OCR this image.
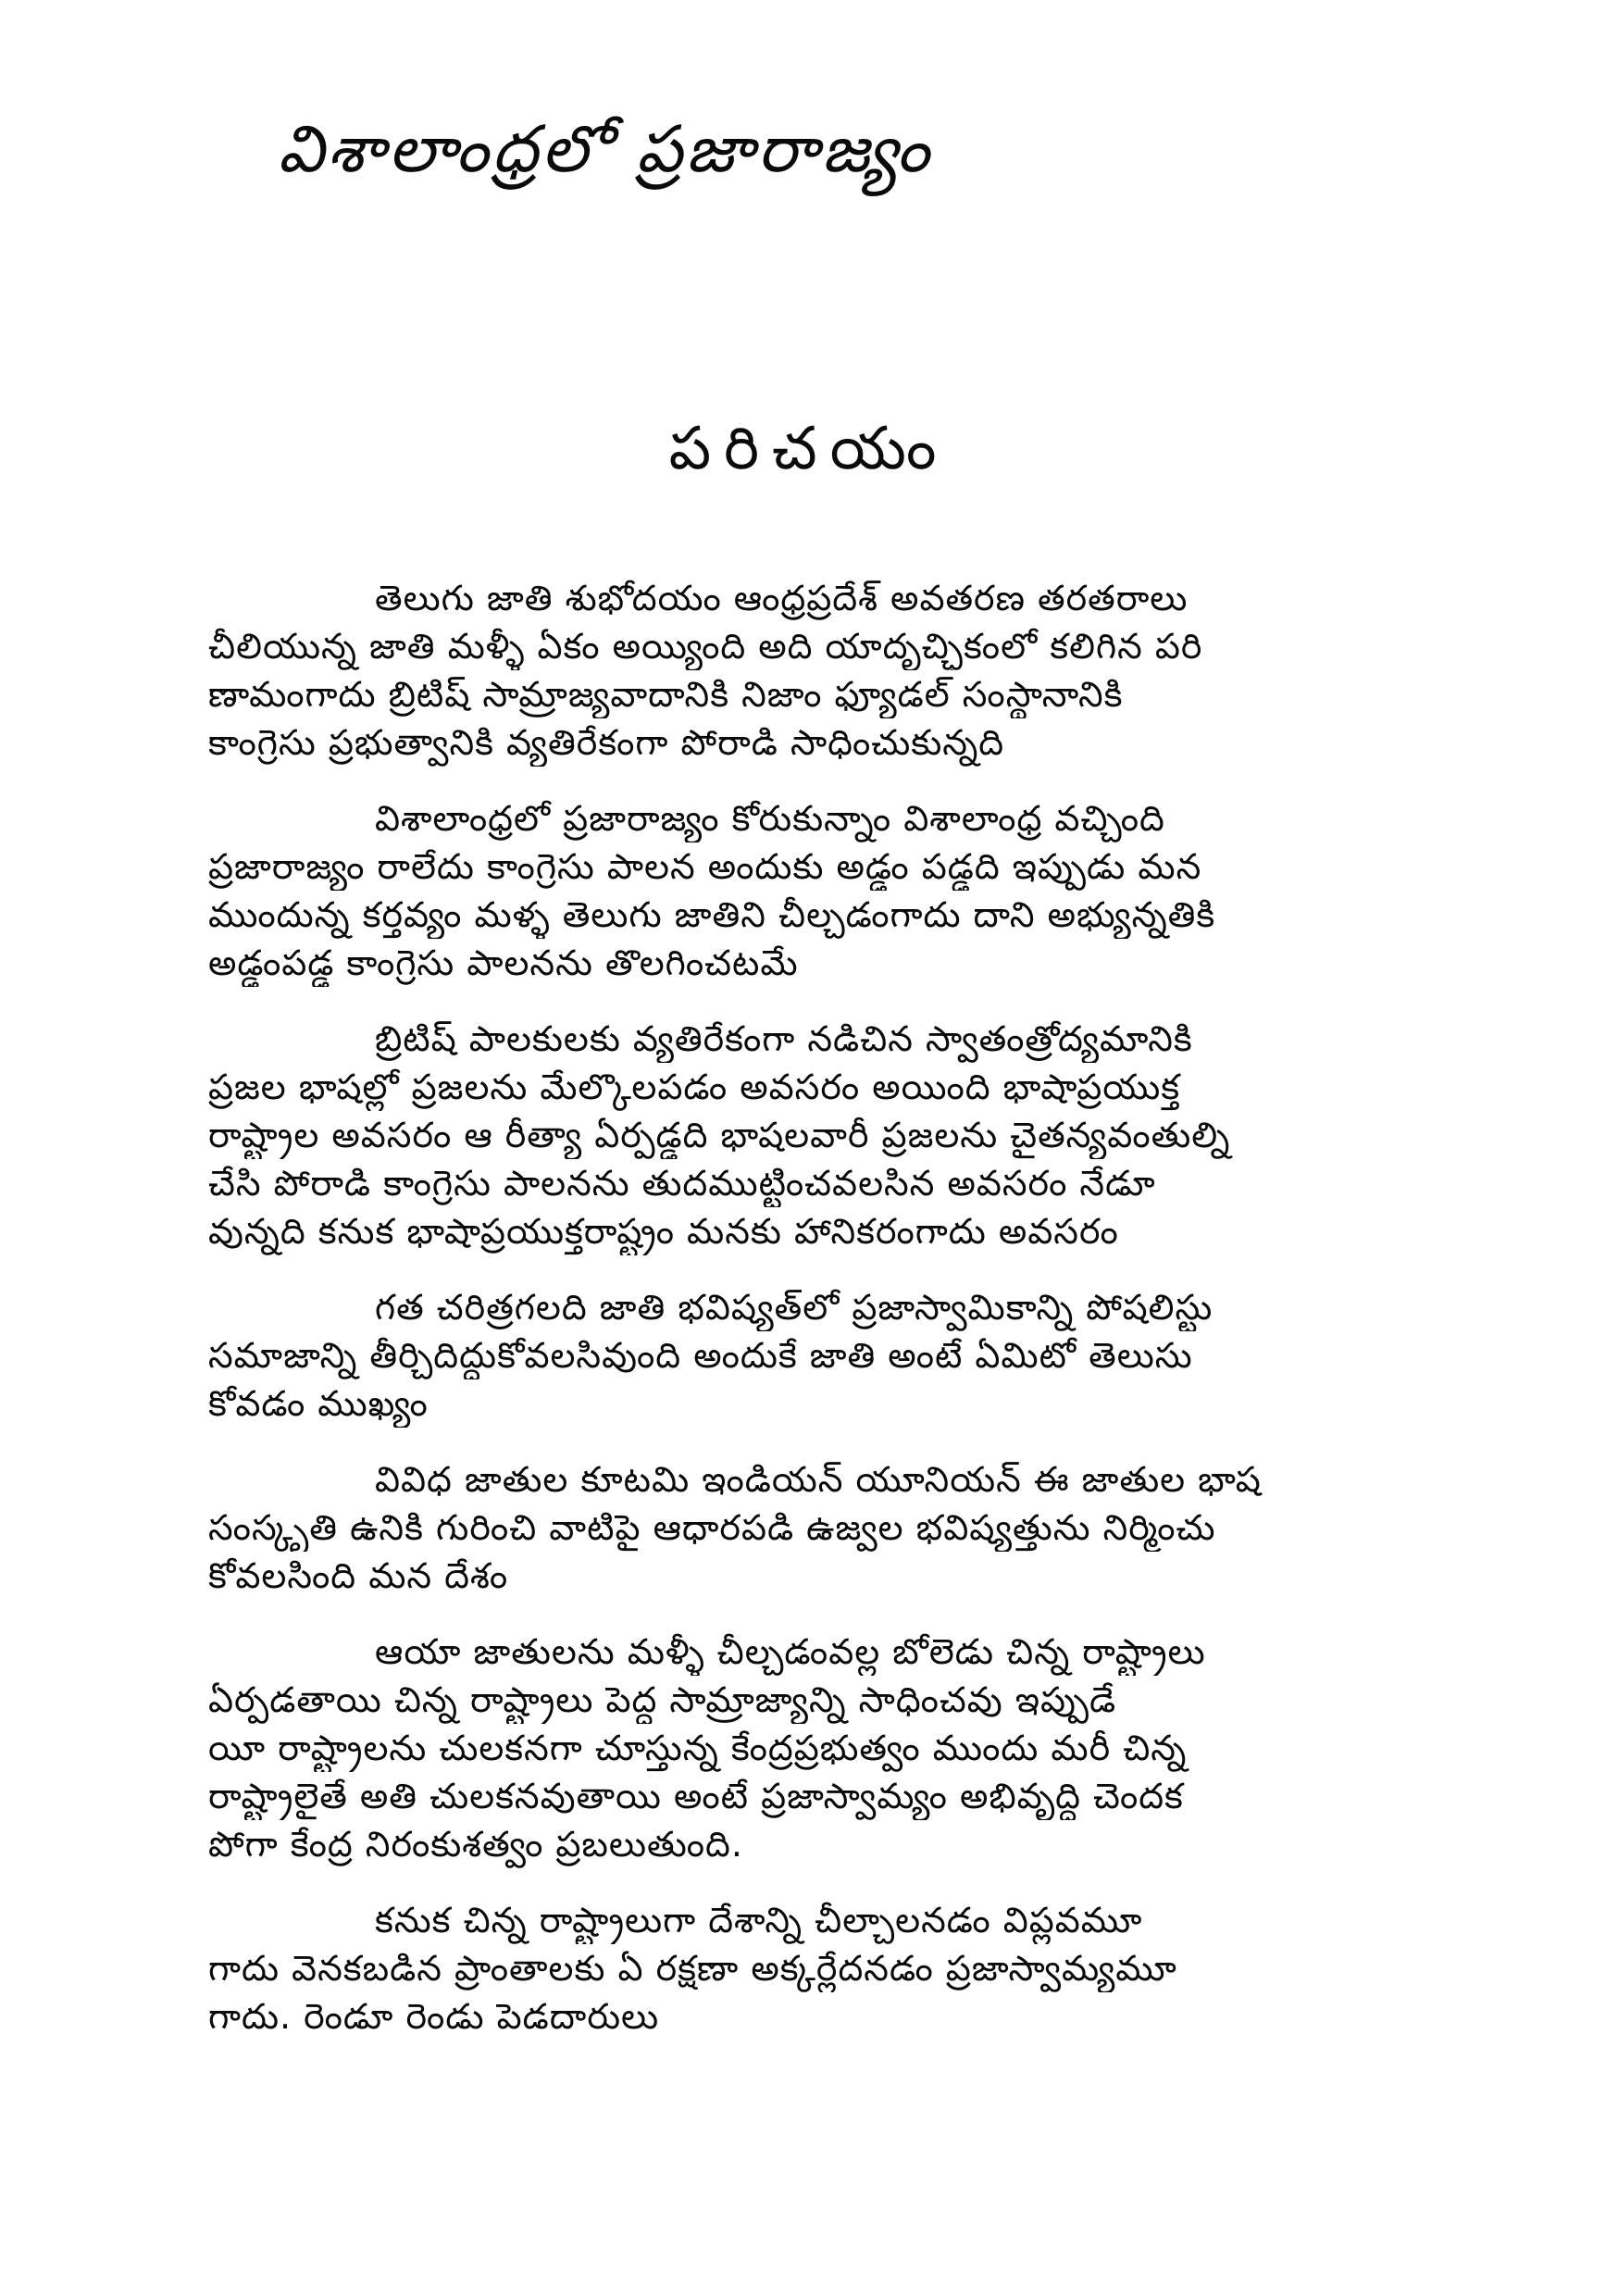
విశాలాంధ్రలో ప్రజారాజ్యం
పరిచయం
తెలుగు జాతి శుభోదయం ఆంధ్రప్రదేశ్ అవతరణ తరతరాలు
చీలియున్న జాతి మళ్ళీ ఏకం అయ్యింది అది యాదృచ్ఛికంలో కలిగిన పరి
ణామంగాదు బ్రిటిష్ సామ్రాజ్యవాదానికి నిజాం ఫ్యూడల్ సంస్థానానికి
కాంగ్రెసు ప్రభుత్వానికి వ్యతిరేకంగా పోరాడి సాధించుకున్నది
విశాలాంధ్రలో ప్రజారాజ్యం కోరుకున్నాం విశాలాంధ్ర వచ్చింది
ప్రజారాజ్యం రాలేదు కాంగ్రెసు పాలన అందుకు అడ్డం పడ్డది ఇప్పుడు మన
ముందున్న కర్తవ్యం మళ్ళ తెలుగు జాతిని చీల్చడంగాదు దాని అభ్యున్నతికి
అడ్డంపడ్డ కాంగ్రెసు పాలనను తొలగించటమే
బ్రిటిష్ పాలకులకు వ్యతిరేకంగా నడిచిన స్వాతంత్రోద్యమానికి
ప్రజల భాషల్లో ప్రజలను మేల్కొలపడం అవసరం అయింది భాషాప్రయుక్త
రాష్ట్రాల అవసరం ఆ రీత్యా ఏర్పడ్డది భాషలవారీ ప్రజలను చైతన్యవంతుల్ని
చేసి పోరాడి కాంగ్రెసు పాలనను తుదముట్టించవలసిన అవసరం నేడూ
వున్నది కనుక భాషాప్రయుక్తరాష్ట్రం మనకు హానికరంగాదు అవసరం
గత చరిత్రగలది జాతి భవిష్యత్‌లో ప్రజాస్వామికాన్ని పోషలిస్టు
సమాజాన్ని తీర్చిదిద్దుకోవలసివుంది అందుకే జాతి అంటే ఏమిటో తెలుసు
కోవడం ముఖ్యం
వివిధ జాతుల కూటమి ఇండియన్ యూనియన్ ఈ జాతుల భాష
సంస్కృతి ఉనికి గురించి వాటిపై ఆధారపడి ఉజ్వల భవిష్యత్తును నిర్మించు
కోవలసింది మన దేశం
ఆయా జాతులను మళ్ళీ చీల్చడంవల్ల బోలెడు చిన్న రాష్ట్రాలు
ఏర్పడతాయి చిన్న రాష్ట్రాలు పెద్ద సామ్రాజ్యాన్ని సాధించవు ఇప్పుడే
యీ రాష్ట్రాలను చులకనగా చూస్తున్న కేంద్రప్రభుత్వం ముందు మరీ చిన్న
రాష్ట్రాలైతే అతి చులకనవుతాయి అంటే ప్రజాస్వామ్యం అభివృద్ధి చెందక
పోగా కేంద్ర నిరంకుశత్వం ప్రబలుతుంది.
కనుక చిన్న రాష్ట్రాలుగా దేశాన్ని చీల్చాలనడం విప్లవమూ
గాదు వెనకబడిన ప్రాంతాలకు ఏ రక్షణా అక్కర్లేదనడం ప్రజాస్వామ్యమూ
గాదు. రెండూ రెండు పెడదారులు
